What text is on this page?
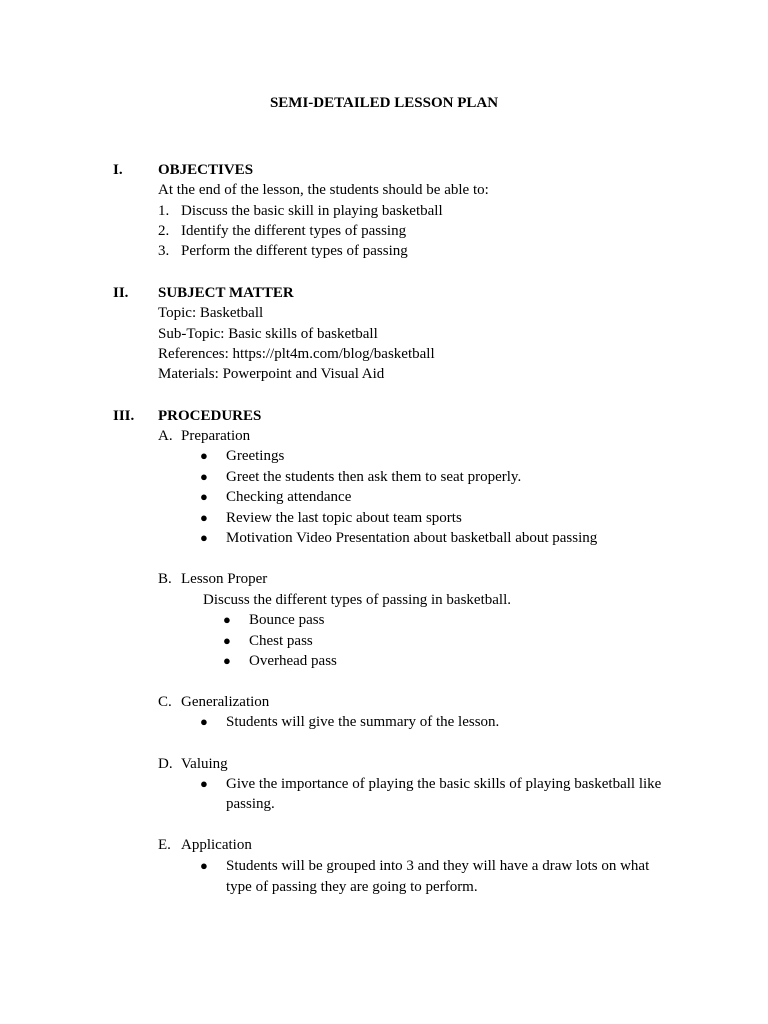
SEMI-DETAILED LESSON PLAN
I. OBJECTIVES
At the end of the lesson, the students should be able to:
1. Discuss the basic skill in playing basketball
2. Identify the different types of passing
3. Perform the different types of passing
II. SUBJECT MATTER
Topic: Basketball
Sub-Topic: Basic skills of basketball
References: https://plt4m.com/blog/basketball
Materials: Powerpoint and Visual Aid
III. PROCEDURES
A. Preparation
● Greetings
● Greet the students then ask them to seat properly.
● Checking attendance
● Review the last topic about team sports
● Motivation Video Presentation about basketball about passing
B. Lesson Proper
Discuss the different types of passing in basketball.
● Bounce pass
● Chest pass
● Overhead pass
C. Generalization
● Students will give the summary of the lesson.
D. Valuing
● Give the importance of playing the basic skills of playing basketball like
passing.
E. Application
● Students will be grouped into 3 and they will have a draw lots on what
type of passing they are going to perform.
